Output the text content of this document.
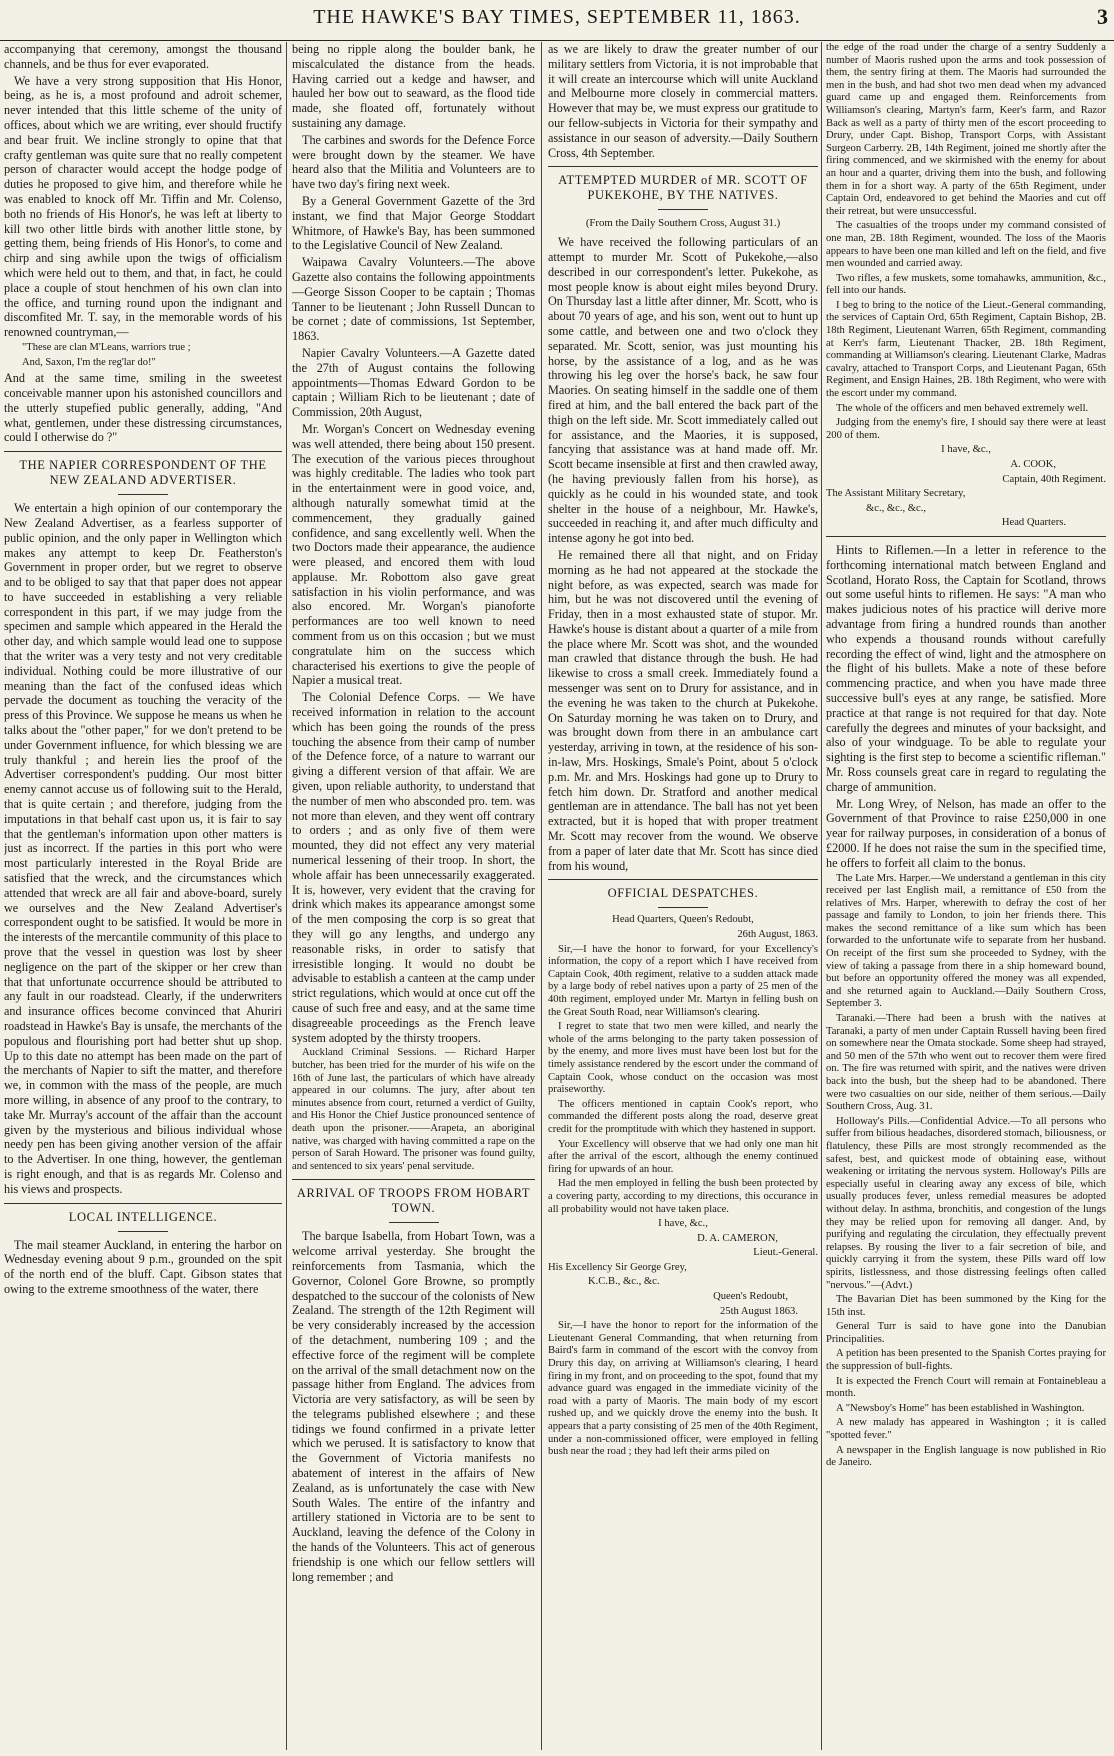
THE HAWKE'S BAY TIMES, SEPTEMBER 11, 1863.	3

accompanying that ceremony, amongst the thousand channels, and be thus for ever evaporated.

We have a very strong supposition that His Honor, being, as he is, a most profound and adroit schemer, never intended that this little scheme of the unity of offices, about which we are writing, ever should fructify and bear fruit. We incline strongly to opine that that crafty gentleman was quite sure that no really competent person of character would accept the hodge podge of duties he proposed to give him, and therefore while he was enabled to knock off Mr. Tiffin and Mr. Colenso, both no friends of His Honor's, he was left at liberty to kill two other little birds with another little stone, by getting them, being friends of His Honor's, to come and chirp and sing awhile upon the twigs of officialism which were held out to them, and that, in fact, he could place a couple of stout henchmen of his own clan into the office, and turning round upon the indignant and discomfited Mr. T. say, in the memorable words of his renowned countryman,—

"These are clan M'Leans, warriors true ;

And, Saxon, I'm the reg'lar do!"

And at the same time, smiling in the sweetest conceivable manner upon his astonished councillors and the utterly stupefied public generally, adding, "And what, gentlemen, under these distressing circumstances, could I otherwise do ?"

THE NAPIER CORRESPONDENT OF THE NEW ZEALAND ADVERTISER.

We entertain a high opinion of our contemporary the New Zealand Advertiser, as a fearless supporter of public opinion, and the only paper in Wellington which makes any attempt to keep Dr. Featherston's Government in proper order, but we regret to observe and to be obliged to say that that paper does not appear to have succeeded in establishing a very reliable correspondent in this part, if we may judge from the specimen and sample which appeared in the Herald the other day, and which sample would lead one to suppose that the writer was a very testy and not very creditable individual. Nothing could be more illustrative of our meaning than the fact of the confused ideas which pervade the document as touching the veracity of the press of this Province. We suppose he means us when he talks about the "other paper," for we don't pretend to be under Government influence, for which blessing we are truly thankful ; and herein lies the proof of the Advertiser correspondent's pudding. Our most bitter enemy cannot accuse us of following suit to the Herald, that is quite certain ; and therefore, judging from the imputations in that behalf cast upon us, it is fair to say that the gentleman's information upon other matters is just as incorrect. If the parties in this port who were most particularly interested in the Royal Bride are satisfied that the wreck, and the circumstances which attended that wreck are all fair and above-board, surely we ourselves and the New Zealand Advertiser's correspondent ought to be satisfied. It would be more in the interests of the mercantile community of this place to prove that the vessel in question was lost by sheer negligence on the part of the skipper or her crew than that that unfortunate occurrence should be attributed to any fault in our roadstead. Clearly, if the underwriters and insurance offices become convinced that Ahuriri roadstead in Hawke's Bay is unsafe, the merchants of the populous and flourishing port had better shut up shop. Up to this date no attempt has been made on the part of the merchants of Napier to sift the matter, and therefore we, in common with the mass of the people, are much more willing, in absence of any proof to the contrary, to take Mr. Murray's account of the affair than the account given by the mysterious and bilious individual whose needy pen has been giving another version of the affair to the Advertiser. In one thing, however, the gentleman is right enough, and that is as regards Mr. Colenso and his views and prospects.

LOCAL INTELLIGENCE.

The mail steamer Auckland, in entering the harbor on Wednesday evening about 9 p.m., grounded on the spit of the north end of the bluff. Capt. Gibson states that owing to the extreme smoothness of the water, there

being no ripple along the boulder bank, he miscalculated the distance from the heads. Having carried out a kedge and hawser, and hauled her bow out to seaward, as the flood tide made, she floated off, fortunately without sustaining any damage.

The carbines and swords for the Defence Force were brought down by the steamer. We have heard also that the Militia and Volunteers are to have two day's firing next week.

By a General Government Gazette of the 3rd instant, we find that Major George Stoddart Whitmore, of Hawke's Bay, has been summoned to the Legislative Council of New Zealand.

Waipawa Cavalry Volunteers.—The above Gazette also contains the following appointments—George Sisson Cooper to be captain ; Thomas Tanner to be lieutenant ; John Russell Duncan to be cornet ; date of commissions, 1st September, 1863.

Napier Cavalry Volunteers.—A Gazette dated the 27th of August contains the following appointments—Thomas Edward Gordon to be captain ; William Rich to be lieutenant ; date of Commission, 20th August,

Mr. Worgan's Concert on Wednesday evening was well attended, there being about 150 present. The execution of the various pieces throughout was highly creditable. The ladies who took part in the entertainment were in good voice, and, although naturally somewhat timid at the commencement, they gradually gained confidence, and sang excellently well. When the two Doctors made their appearance, the audience were pleased, and encored them with loud applause. Mr. Robottom also gave great satisfaction in his violin performance, and was also encored. Mr. Worgan's pianoforte performances are too well known to need comment from us on this occasion ; but we must congratulate him on the success which characterised his exertions to give the people of Napier a musical treat.

The Colonial Defence Corps. — We have received information in relation to the account which has been going the rounds of the press touching the absence from their camp of number of the Defence force, of a nature to warrant our giving a different version of that affair. We are given, upon reliable authority, to understand that the number of men who absconded pro. tem. was not more than eleven, and they went off contrary to orders ; and as only five of them were mounted, they did not effect any very material numerical lessening of their troop. In short, the whole affair has been unnecessarily exaggerated. It is, however, very evident that the craving for drink which makes its appearance amongst some of the men composing the corp is so great that they will go any lengths, and undergo any reasonable risks, in order to satisfy that irresistible longing. It would no doubt be advisable to establish a canteen at the camp under strict regulations, which would at once cut off the cause of such free and easy, and at the same time disagreeable proceedings as the French leave system adopted by the thirsty troopers.

Auckland Criminal Sessions. — Richard Harper butcher, has been tried for the murder of his wife on the 16th of June last, the particulars of which have already appeared in our columns. The jury, after about ten minutes absence from court, returned a verdict of Guilty, and His Honor the Chief Justice pronounced sentence of death upon the prisoner.——Arapeta, an aboriginal native, was charged with having committed a rape on the person of Sarah Howard. The prisoner was found guilty, and sentenced to six years' penal servitude.

ARRIVAL OF TROOPS FROM HOBART TOWN.

The barque Isabella, from Hobart Town, was a welcome arrival yesterday. She brought the reinforcements from Tasmania, which the Governor, Colonel Gore Browne, so promptly despatched to the succour of the colonists of New Zealand. The strength of the 12th Regiment will be very considerably increased by the accession of the detachment, numbering 109 ; and the effective force of the regiment will be complete on the arrival of the small detachment now on the passage hither from England. The advices from Victoria are very satisfactory, as will be seen by the telegrams published elsewhere ; and these tidings we found confirmed in a private letter which we perused. It is satisfactory to know that the Government of Victoria manifests no abatement of interest in the affairs of New Zealand, as is unfortunately the case with New South Wales. The entire of the infantry and artillery stationed in Victoria are to be sent to Auckland, leaving the defence of the Colony in the hands of the Volunteers. This act of generous friendship is one which our fellow settlers will long remember ; and

as we are likely to draw the greater number of our military settlers from Victoria, it is not improbable that it will create an intercourse which will unite Auckland and Melbourne more closely in commercial matters. However that may be, we must express our gratitude to our fellow-subjects in Victoria for their sympathy and assistance in our season of adversity.—Daily Southern Cross, 4th September.

ATTEMPTED MURDER of MR. SCOTT OF PUKEKOHE, BY THE NATIVES.
(From the Daily Southern Cross, August 31.)

We have received the following particulars of an attempt to murder Mr. Scott of Pukekohe,—also described in our correspondent's letter. Pukekohe, as most people know is about eight miles beyond Drury. On Thursday last a little after dinner, Mr. Scott, who is about 70 years of age, and his son, went out to hunt up some cattle, and between one and two o'clock they separated. Mr. Scott, senior, was just mounting his horse, by the assistance of a log, and as he was throwing his leg over the horse's back, he saw four Maories. On seating himself in the saddle one of them fired at him, and the ball entered the back part of the thigh on the left side. Mr. Scott immediately called out for assistance, and the Maories, it is supposed, fancying that assistance was at hand made off. Mr. Scott became insensible at first and then crawled away, (he having previously fallen from his horse), as quickly as he could in his wounded state, and took shelter in the house of a neighbour, Mr. Hawke's, succeeded in reaching it, and after much difficulty and intense agony he got into bed.

He remained there all that night, and on Friday morning as he had not appeared at the stockade the night before, as was expected, search was made for him, but he was not discovered until the evening of Friday, then in a most exhausted state of stupor. Mr. Hawke's house is distant about a quarter of a mile from the place where Mr. Scott was shot, and the wounded man crawled that distance through the bush. He had likewise to cross a small creek. Immediately found a messenger was sent on to Drury for assistance, and in the evening he was taken to the church at Pukekohe. On Saturday morning he was taken on to Drury, and was brought down from there in an ambulance cart yesterday, arriving in town, at the residence of his son-in-law, Mrs. Hoskings, Smale's Point, about 5 o'clock p.m. Mr. and Mrs. Hoskings had gone up to Drury to fetch him down. Dr. Stratford and another medical gentleman are in attendance. The ball has not yet been extracted, but it is hoped that with proper treatment Mr. Scott may recover from the wound. We observe from a paper of later date that Mr. Scott has since died from his wound,

OFFICIAL DESPATCHES.

Head Quarters, Queen's Redoubt,

26th August, 1863.

Sir,—I have the honor to forward, for your Excellency's information, the copy of a report which I have received from Captain Cook, 40th regiment, relative to a sudden attack made by a large body of rebel natives upon a party of 25 men of the 40th regiment, employed under Mr. Martyn in felling bush on the Great South Road, near Williamson's clearing.

I regret to state that two men were killed, and nearly the whole of the arms belonging to the party taken possession of by the enemy, and more lives must have been lost but for the timely assistance rendered by the escort under the command of Captain Cook, whose conduct on the occasion was most praiseworthy.

The officers mentioned in captain Cook's report, who commanded the different posts along the road, deserve great credit for the promptitude with which they hastened in support.

Your Excellency will observe that we had only one man hit after the arrival of the escort, although the enemy continued firing for upwards of an hour.

Had the men employed in felling the bush been protected by a covering party, according to my directions, this occurance in all probability would not have taken place.

I have, &c.,

D. A. CAMERON,

Lieut.-General.

His Excellency Sir George Grey,

K.C.B., &c., &c.

Queen's Redoubt,

25th August 1863.

Sir,—I have the honor to report for the information of the Lieutenant General Commanding, that when returning from Baird's farm in command of the escort with the convoy from Drury this day, on arriving at Williamson's clearing, I heard firing in my front, and on proceeding to the spot, found that my advance guard was engaged in the immediate vicinity of the road with a party of Maoris. The main body of my escort rushed up, and we quickly drove the enemy into the bush. It appears that a party consisting of 25 men of the 40th Regiment, under a non-commissioned officer, were employed in felling bush near the road ; they had left their arms piled on

the edge of the road under the charge of a sentry Suddenly a number of Maoris rushed upon the arms and took possession of them, the sentry firing at them. The Maoris had surrounded the men in the bush, and had shot two men dead when my advanced guard came up and engaged them. Reinforcements from Williamson's clearing, Martyn's farm, Keer's farm, and Razor Back as well as a party of thirty men of the escort proceeding to Drury, under Capt. Bishop, Transport Corps, with Assistant Surgeon Carberry. 2B, 14th Regiment, joined me shortly after the firing commenced, and we skirmished with the enemy for about an hour and a quarter, driving them into the bush, and following them in for a short way. A party of the 65th Regiment, under Captain Ord, endeavored to get behind the Maories and cut off their retreat, but were unsuccessful.

The casualties of the troops under my command consisted of one man, 2B. 18th Regiment, wounded. The loss of the Maoris appears to have been one man killed and left on the field, and five men wounded and carried away.

Two rifles, a few muskets, some tomahawks, ammunition, &c., fell into our hands.

I beg to bring to the notice of the Lieut.-General commanding, the services of Captain Ord, 65th Regiment, Captain Bishop, 2B. 18th Regiment, Lieutenant Warren, 65th Regiment, commanding at Kerr's farm, Lieutenant Thacker, 2B. 18th Regiment, commanding at Williamson's clearing. Lieutenant Clarke, Madras cavalry, attached to Transport Corps, and Lieutenant Pagan, 65th Regiment, and Ensign Haines, 2B. 18th Regiment, who were with the escort under my command.

The whole of the officers and men behaved extremely well.

Judging from the enemy's fire, I should say there were at least 200 of them.

I have, &c.,

A. COOK,

Captain, 40th Regiment.

The Assistant Military Secretary,

&c., &c., &c.,

Head Quarters.

Hints to Riflemen.—In a letter in reference to the forthcoming international match between England and Scotland, Horato Ross, the Captain for Scotland, throws out some useful hints to riflemen. He says: "A man who makes judicious notes of his practice will derive more advantage from firing a hundred rounds than another who expends a thousand rounds without carefully recording the effect of wind, light and the atmosphere on the flight of his bullets. Make a note of these before commencing practice, and when you have made three successive bull's eyes at any range, be satisfied. More practice at that range is not required for that day. Note carefully the degrees and minutes of your backsight, and also of your windguage. To be able to regulate your sighting is the first step to become a scientific rifleman." Mr. Ross counsels great care in regard to regulating the charge of ammunition.

Mr. Long Wrey, of Nelson, has made an offer to the Government of that Province to raise £250,000 in one year for railway purposes, in consideration of a bonus of £2000. If he does not raise the sum in the specified time, he offers to forfeit all claim to the bonus.

The Late Mrs. Harper.—We understand a gentleman in this city received per last English mail, a remittance of £50 from the relatives of Mrs. Harper, wherewith to defray the cost of her passage and family to London, to join her friends there. This makes the second remittance of a like sum which has been forwarded to the unfortunate wife to separate from her husband. On receipt of the first sum she proceeded to Sydney, with the view of taking a passage from there in a ship homeward bound, but before an opportunity offered the money was all expended, and she returned again to Auckland.—Daily Southern Cross, September 3.

Taranaki.—There had been a brush with the natives at Taranaki, a party of men under Captain Russell having been fired on somewhere near the Omata stockade. Some sheep had strayed, and 50 men of the 57th who went out to recover them were fired on. The fire was returned with spirit, and the natives were driven back into the bush, but the sheep had to be abandoned. There were two casualties on our side, neither of them serious.—Daily Southern Cross, Aug. 31.

Holloway's Pills.—Confidential Advice.—To all persons who suffer from bilious headaches, disordered stomach, biliousness, or flatulency, these Pills are most strongly recommended as the safest, best, and quickest mode of obtaining ease, without weakening or irritating the nervous system. Holloway's Pills are especially useful in clearing away any excess of bile, which usually produces fever, unless remedial measures be adopted without delay. In asthma, bronchitis, and congestion of the lungs they may be relied upon for removing all danger. And, by purifying and regulating the circulation, they effectually prevent relapses. By rousing the liver to a fair secretion of bile, and quickly carrying it from the system, these Pills ward off low spirits, listlessness, and those distressing feelings often called "nervous."—(Advt.)

The Bavarian Diet has been summoned by the King for the 15th inst.

General Turr is said to have gone into the Danubian Principalities.

A petition has been presented to the Spanish Cortes praying for the suppression of bull-fights.

It is expected the French Court will remain at Fontainebleau a month.

A "Newsboy's Home" has been established in Washington.

A new malady has appeared in Washington ; it is called "spotted fever."

A newspaper in the English language is now published in Rio de Janeiro.
